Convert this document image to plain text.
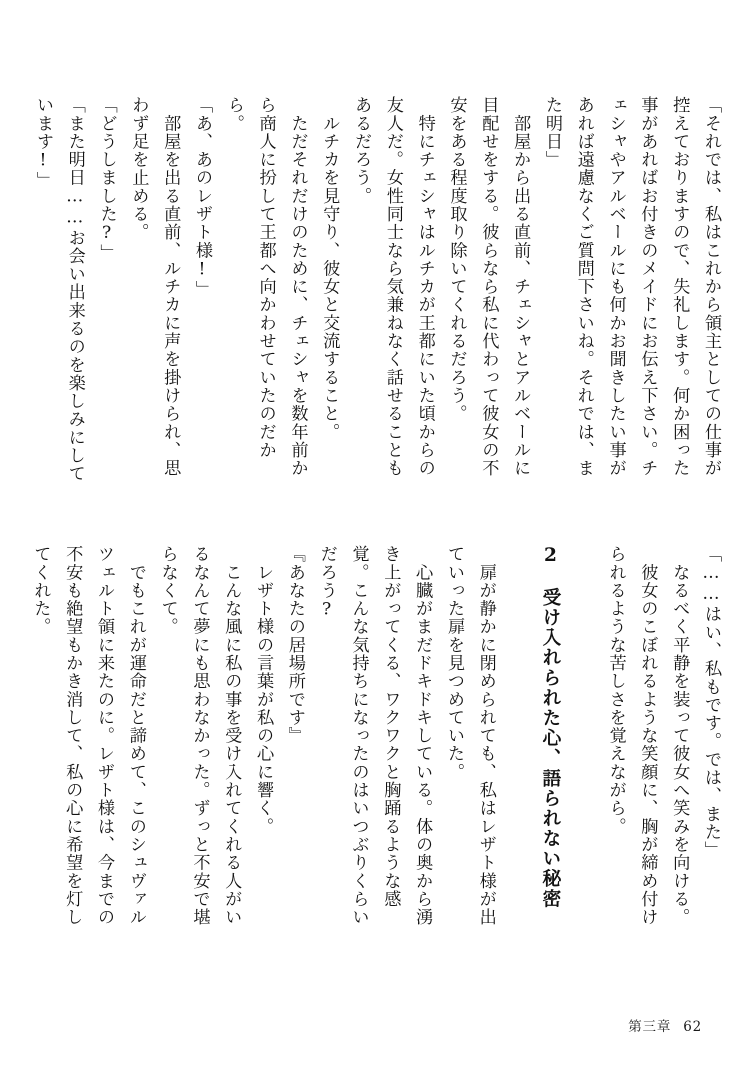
「それでは、私はこれから領主としての仕事が控えておりますので、失礼します。何か困った事があればお付きのメイドにお伝え下さい。チェシャやアルベールにも何かお聞きしたい事があれば遠慮なくご質問下さいね。それでは、また明日」

　部屋から出る直前、チェシャとアルベールに目配せをする。彼らなら私に代わって彼女の不安をある程度取り除いてくれるだろう。

　特にチェシャはルチカが王都にいた頃からの友人だ。女性同士なら気兼ねなく話せることもあるだろう。

　ルチカを見守り、彼女と交流すること。

　ただそれだけのために、チェシャを数年前から商人に扮して王都へ向かわせていたのだから。

「あ、あのレザト様!」

　部屋を出る直前、ルチカに声を掛けられ、思わず足を止める。

「どうしました?」

「また明日……お会い出来るのを楽しみにしています!」

「……はい、私もです。では、また」

　なるべく平静を装って彼女へ笑みを向ける。

　彼女のこぼれるような笑顔に、胸が締め付けられるような苦しさを覚えながら。

2　受け入れられた心、語られない秘密

　扉が静かに閉められても、私はレザト様が出ていった扉を見つめていた。

　心臓がまだドキドキしている。体の奥から湧き上がってくる、ワクワクと胸踊るような感覚。こんな気持ちになったのはいつぶりくらいだろう?

『あなたの居場所です』

　レザト様の言葉が私の心に響く。

　こんな風に私の事を受け入れてくれる人がいるなんて夢にも思わなかった。ずっと不安で堪らなくて。

　でもこれが運命だと諦めて、このシュヴァルツェルト領に来たのに。レザト様は、今までの不安も絶望もかき消して、私の心に希望を灯してくれた。

第三章 62
